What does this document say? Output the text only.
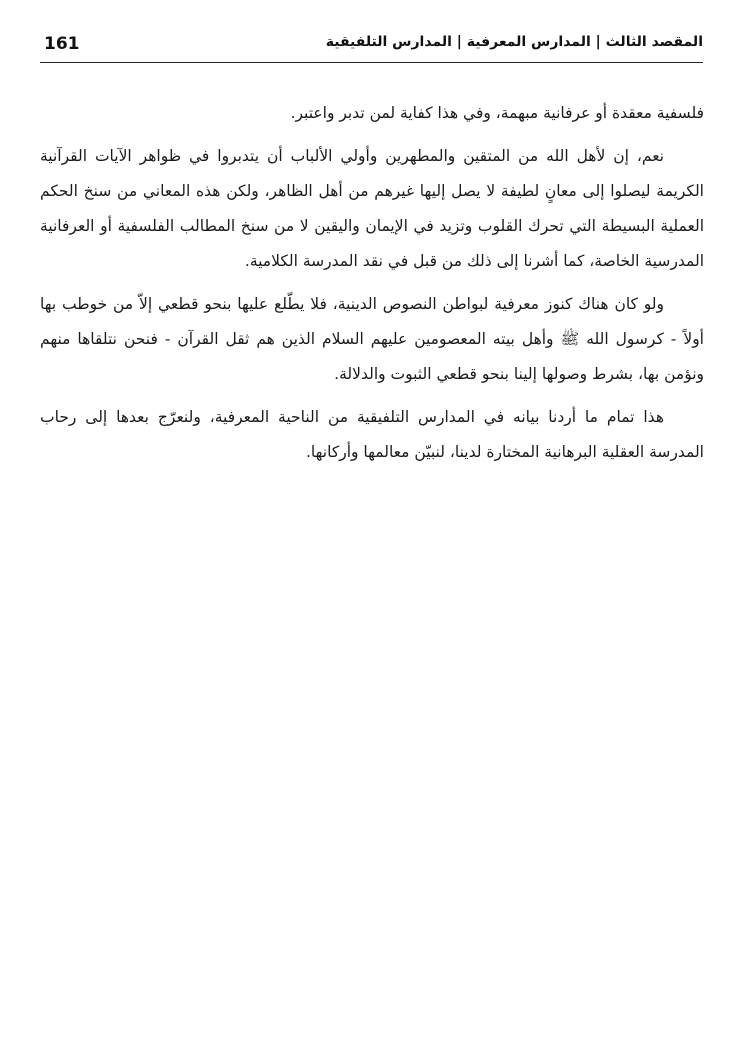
161	المقصد الثالث | المدارس المعرفية | المدارس التلفيقية

فلسفية معقدة أو عرفانية مبهمة، وفي هذا كفاية لمن تدبر واعتبر.

نعم، إن لأهل الله من المتقين والمطهرين وأولي الألباب أن يتدبروا في ظواهر الآيات القرآنية الكريمة ليصلوا إلى معانٍ لطيفة لا يصل إليها غيرهم من أهل الظاهر، ولكن هذه المعاني من سنخ الحكم العملية البسيطة التي تحرك القلوب وتزيد في الإيمان واليقين لا من سنخ المطالب الفلسفية أو العرفانية المدرسية الخاصة، كما أشرنا إلى ذلك من قبل في نقد المدرسة الكلامية.

ولو كان هناك كنوز معرفية لبواطن النصوص الدينية، فلا يطّلع عليها بنحو قطعي إلاّ من خوطب بها أولاً - كرسول الله ﷺ وأهل بيته المعصومين عليهم السلام الذين هم ثقل القرآن - فنحن نتلقاها منهم ونؤمن بها، بشرط وصولها إلينا بنحو قطعي الثبوت والدلالة.

هذا تمام ما أردنا بيانه في المدارس التلفيقية من الناحية المعرفية، ولنعرّج بعدها إلى رحاب المدرسة العقلية البرهانية المختارة لدينا، لنبيّن معالمها وأركانها.
